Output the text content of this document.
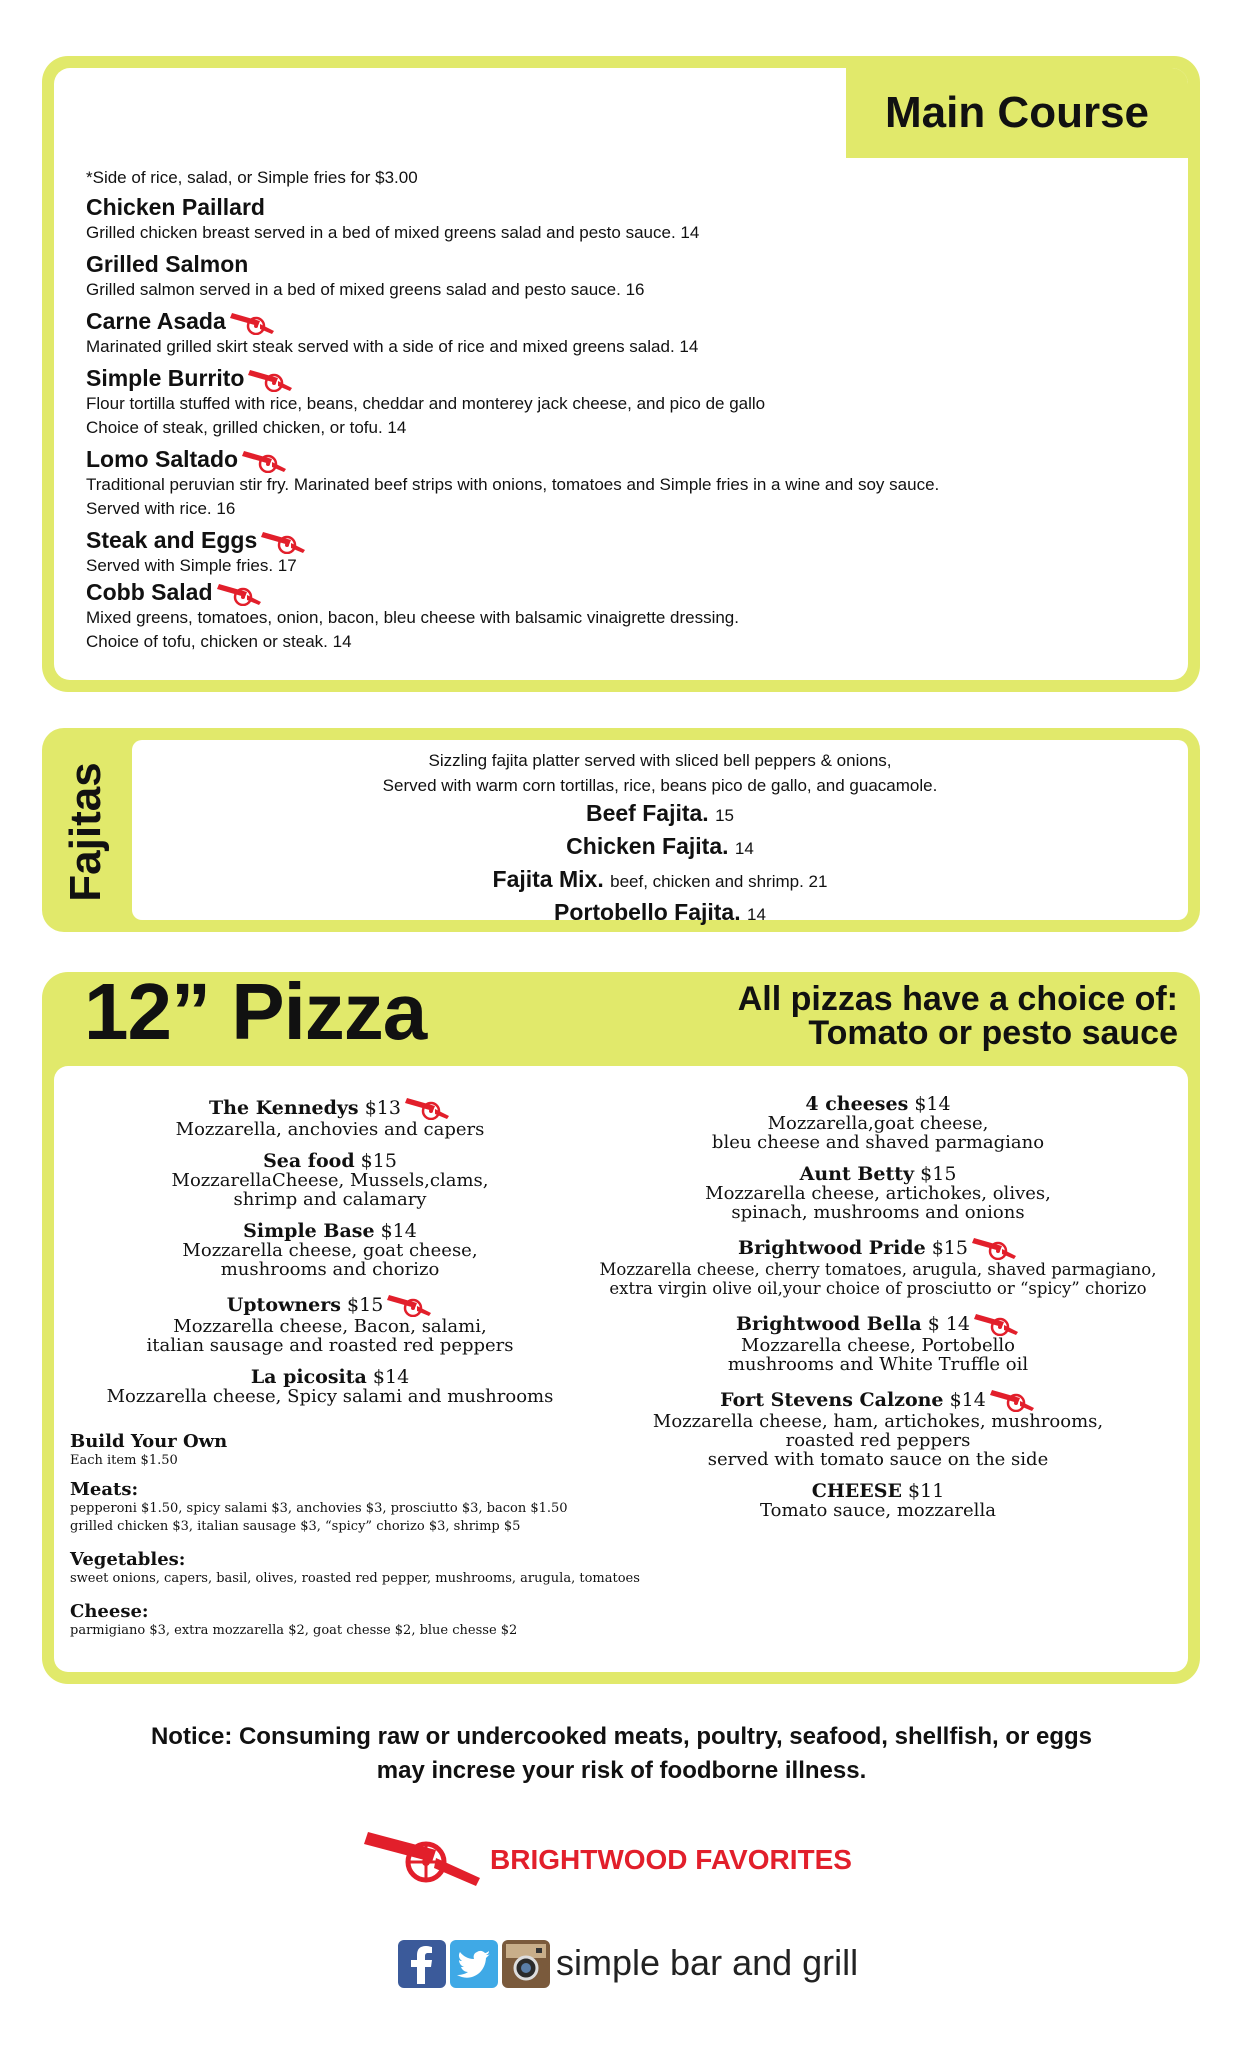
*Side of rice, salad, or Simple fries for $3.00
Chicken Paillard
Grilled chicken breast served in a bed of mixed greens salad and pesto sauce. 14
Grilled Salmon
Grilled salmon served in a bed of mixed greens salad and pesto sauce. 16
Carne Asada
Marinated grilled skirt steak served with a side of rice and mixed greens salad. 14
Simple Burrito
Flour tortilla stuffed with rice, beans, cheddar and monterey jack cheese, and pico de gallo
Choice of steak, grilled chicken, or tofu. 14
Lomo Saltado
Traditional peruvian stir fry. Marinated beef strips with onions, tomatoes and Simple fries in a wine and soy sauce.
Served with rice. 16
Steak and Eggs
Served with Simple fries. 17
Cobb Salad
Mixed greens, tomatoes, onion, bacon, bleu cheese with balsamic vinaigrette dressing.
Choice of tofu, chicken or steak. 14
Main Course
Fajitas
Sizzling fajita platter served with sliced bell peppers & onions,
Served with warm corn tortillas, rice, beans pico de gallo, and guacamole.
Beef Fajita. 15
Chicken Fajita. 14
Fajita Mix. beef, chicken and shrimp. 21
Portobello Fajita. 14
12” Pizza	All pizzas have a choice of:
Tomato or pesto sauce
The Kennedys $13
Mozzarella, anchovies and capers
Sea food $15
MozzarellaCheese, Mussels,clams,
shrimp and calamary
Simple Base $14
Mozzarella cheese, goat cheese,
mushrooms and chorizo
Uptowners $15
Mozzarella cheese, Bacon, salami,
italian sausage and roasted red peppers
La picosita $14
Mozzarella cheese, Spicy salami and mushrooms
4 cheeses $14
Mozzarella,goat cheese,
bleu cheese and shaved parmagiano
Aunt Betty $15
Mozzarella cheese, artichokes, olives,
spinach, mushrooms and onions
Brightwood Pride $15
Mozzarella cheese, cherry tomatoes, arugula, shaved parmagiano,
extra virgin olive oil,your choice of prosciutto or “spicy” chorizo
Brightwood Bella $ 14
Mozzarella cheese, Portobello
mushrooms and White Truffle oil
Fort Stevens Calzone $14
Mozzarella cheese, ham, artichokes, mushrooms,
roasted red peppers
served with tomato sauce on the side
CHEESE $11
Tomato sauce, mozzarella
Build Your Own
Each item $1.50
Meats:
pepperoni $1.50, spicy salami $3, anchovies $3, prosciutto $3, bacon $1.50
grilled chicken $3, italian sausage $3, “spicy” chorizo $3, shrimp $5
Vegetables:
sweet onions, capers, basil, olives, roasted red pepper, mushrooms, arugula, tomatoes
Cheese:
parmigiano $3, extra mozzarella $2, goat chesse $2, blue chesse $2
Notice: Consuming raw or undercooked meats, poultry, seafood, shellfish, or eggs
may increse your risk of foodborne illness.
BRIGHTWOOD FAVORITES
simple bar and grill
